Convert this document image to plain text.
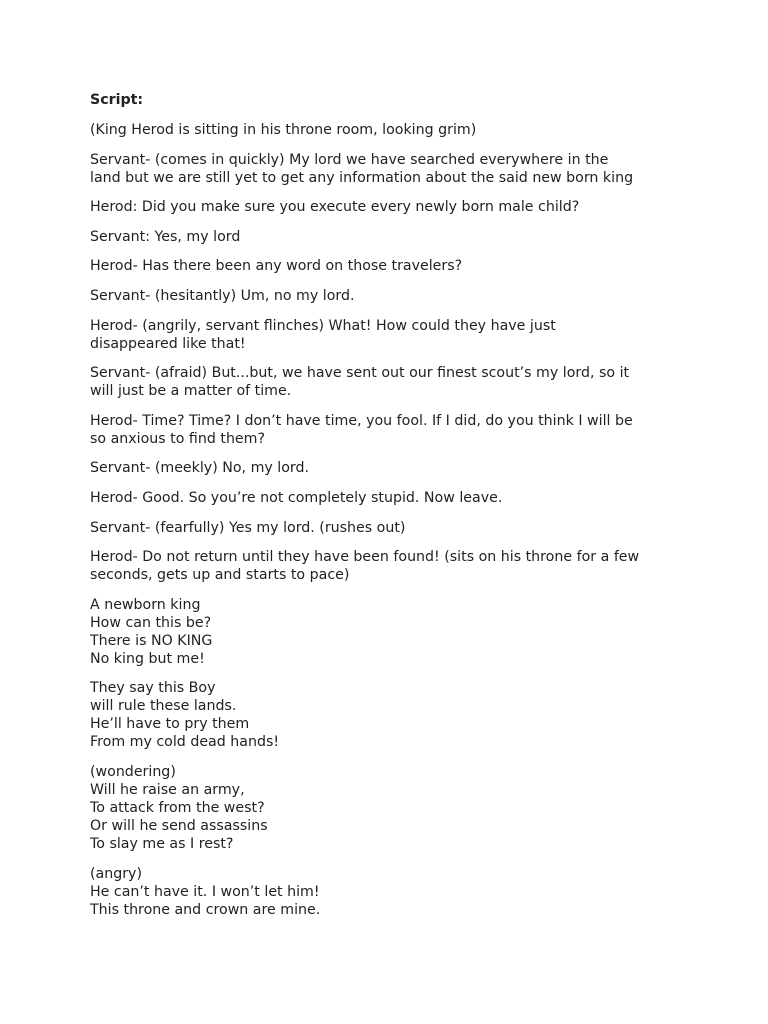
Script:
(King Herod is sitting in his throne room, looking grim)
Servant- (comes in quickly) My lord we have searched everywhere in the
land but we are still yet to get any information about the said new born king
Herod: Did you make sure you execute every newly born male child?
Servant: Yes, my lord
Herod- Has there been any word on those travelers?
Servant- (hesitantly) Um, no my lord.
Herod- (angrily, servant flinches) What! How could they have just
disappeared like that!
Servant- (afraid) But...but, we have sent out our finest scout’s my lord, so it
will just be a matter of time.
Herod- Time? Time? I don’t have time, you fool. If I did, do you think I will be
so anxious to find them?
Servant- (meekly) No, my lord.
Herod- Good. So you’re not completely stupid. Now leave.
Servant- (fearfully) Yes my lord. (rushes out)
Herod- Do not return until they have been found! (sits on his throne for a few
seconds, gets up and starts to pace)
A newborn king
How can this be?
There is NO KING
No king but me!
They say this Boy
will rule these lands.
He’ll have to pry them
From my cold dead hands!
(wondering)
Will he raise an army,
To attack from the west?
Or will he send assassins
To slay me as I rest?
(angry)
He can’t have it. I won’t let him!
This throne and crown are mine.
